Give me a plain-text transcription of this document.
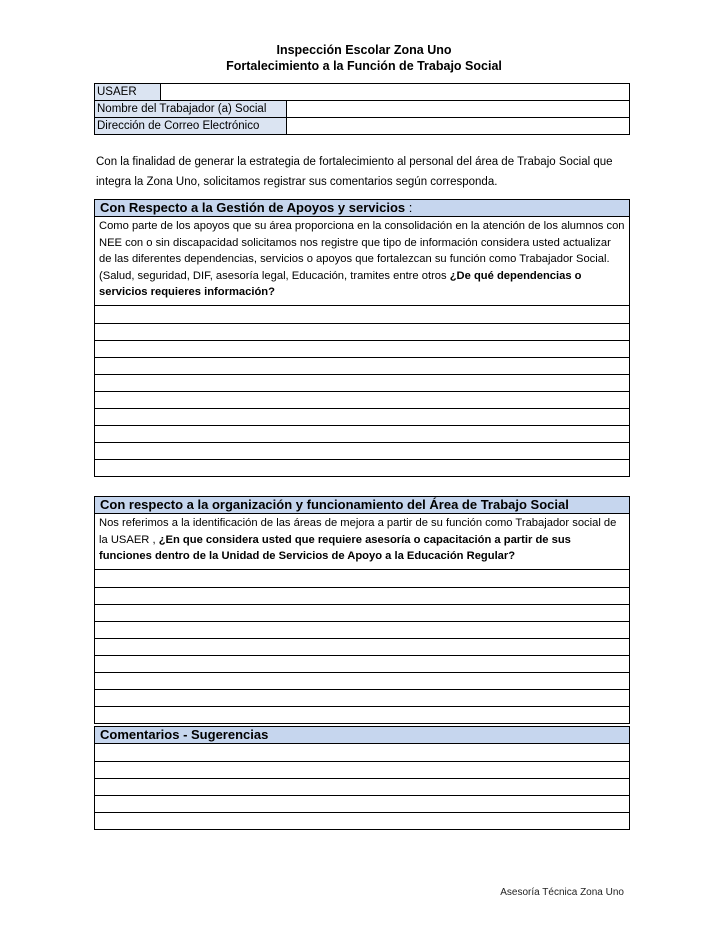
Inspección Escolar Zona Uno
Fortalecimiento a la Función de Trabajo Social
USAER
Nombre del Trabajador (a) Social
Dirección de Correo Electrónico
Con la finalidad de generar la estrategia de fortalecimiento al personal del área de Trabajo Social que integra la Zona Uno, solicitamos registrar sus comentarios según corresponda.
Con Respecto a la Gestión de Apoyos y servicios :
Como parte de los apoyos que su área proporciona en la consolidación en la atención de los alumnos con NEE con o sin discapacidad solicitamos nos registre que tipo de información considera usted actualizar de las diferentes dependencias, servicios o apoyos que fortalezcan su función como Trabajador Social. (Salud, seguridad, DIF, asesoría legal, Educación, tramites entre otros ¿De qué dependencias o servicios requieres información?
Con respecto a la organización y funcionamiento del Área de Trabajo Social
Nos referimos a la identificación de las áreas de mejora a partir de su función como Trabajador social de la USAER , ¿En que considera usted que requiere asesoría o capacitación a partir de sus funciones dentro de la Unidad de Servicios de Apoyo a la Educación Regular?
Comentarios - Sugerencias
Asesoría Técnica Zona Uno
